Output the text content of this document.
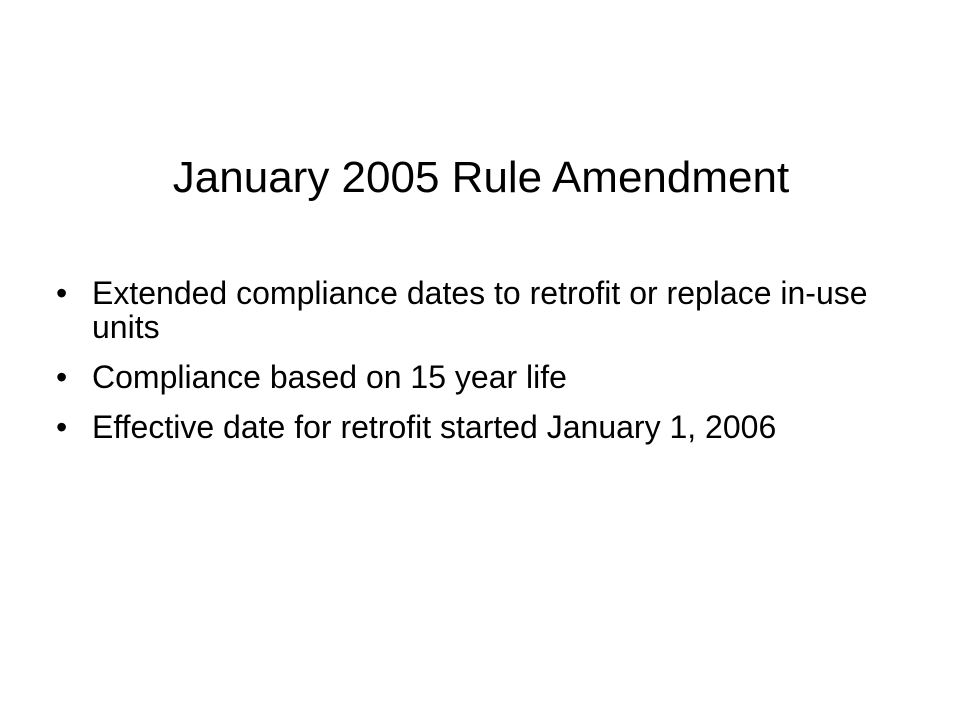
January 2005 Rule Amendment
• Extended compliance dates to retrofit or replace in-use units
• Compliance based on 15 year life
• Effective date for retrofit started January 1, 2006
